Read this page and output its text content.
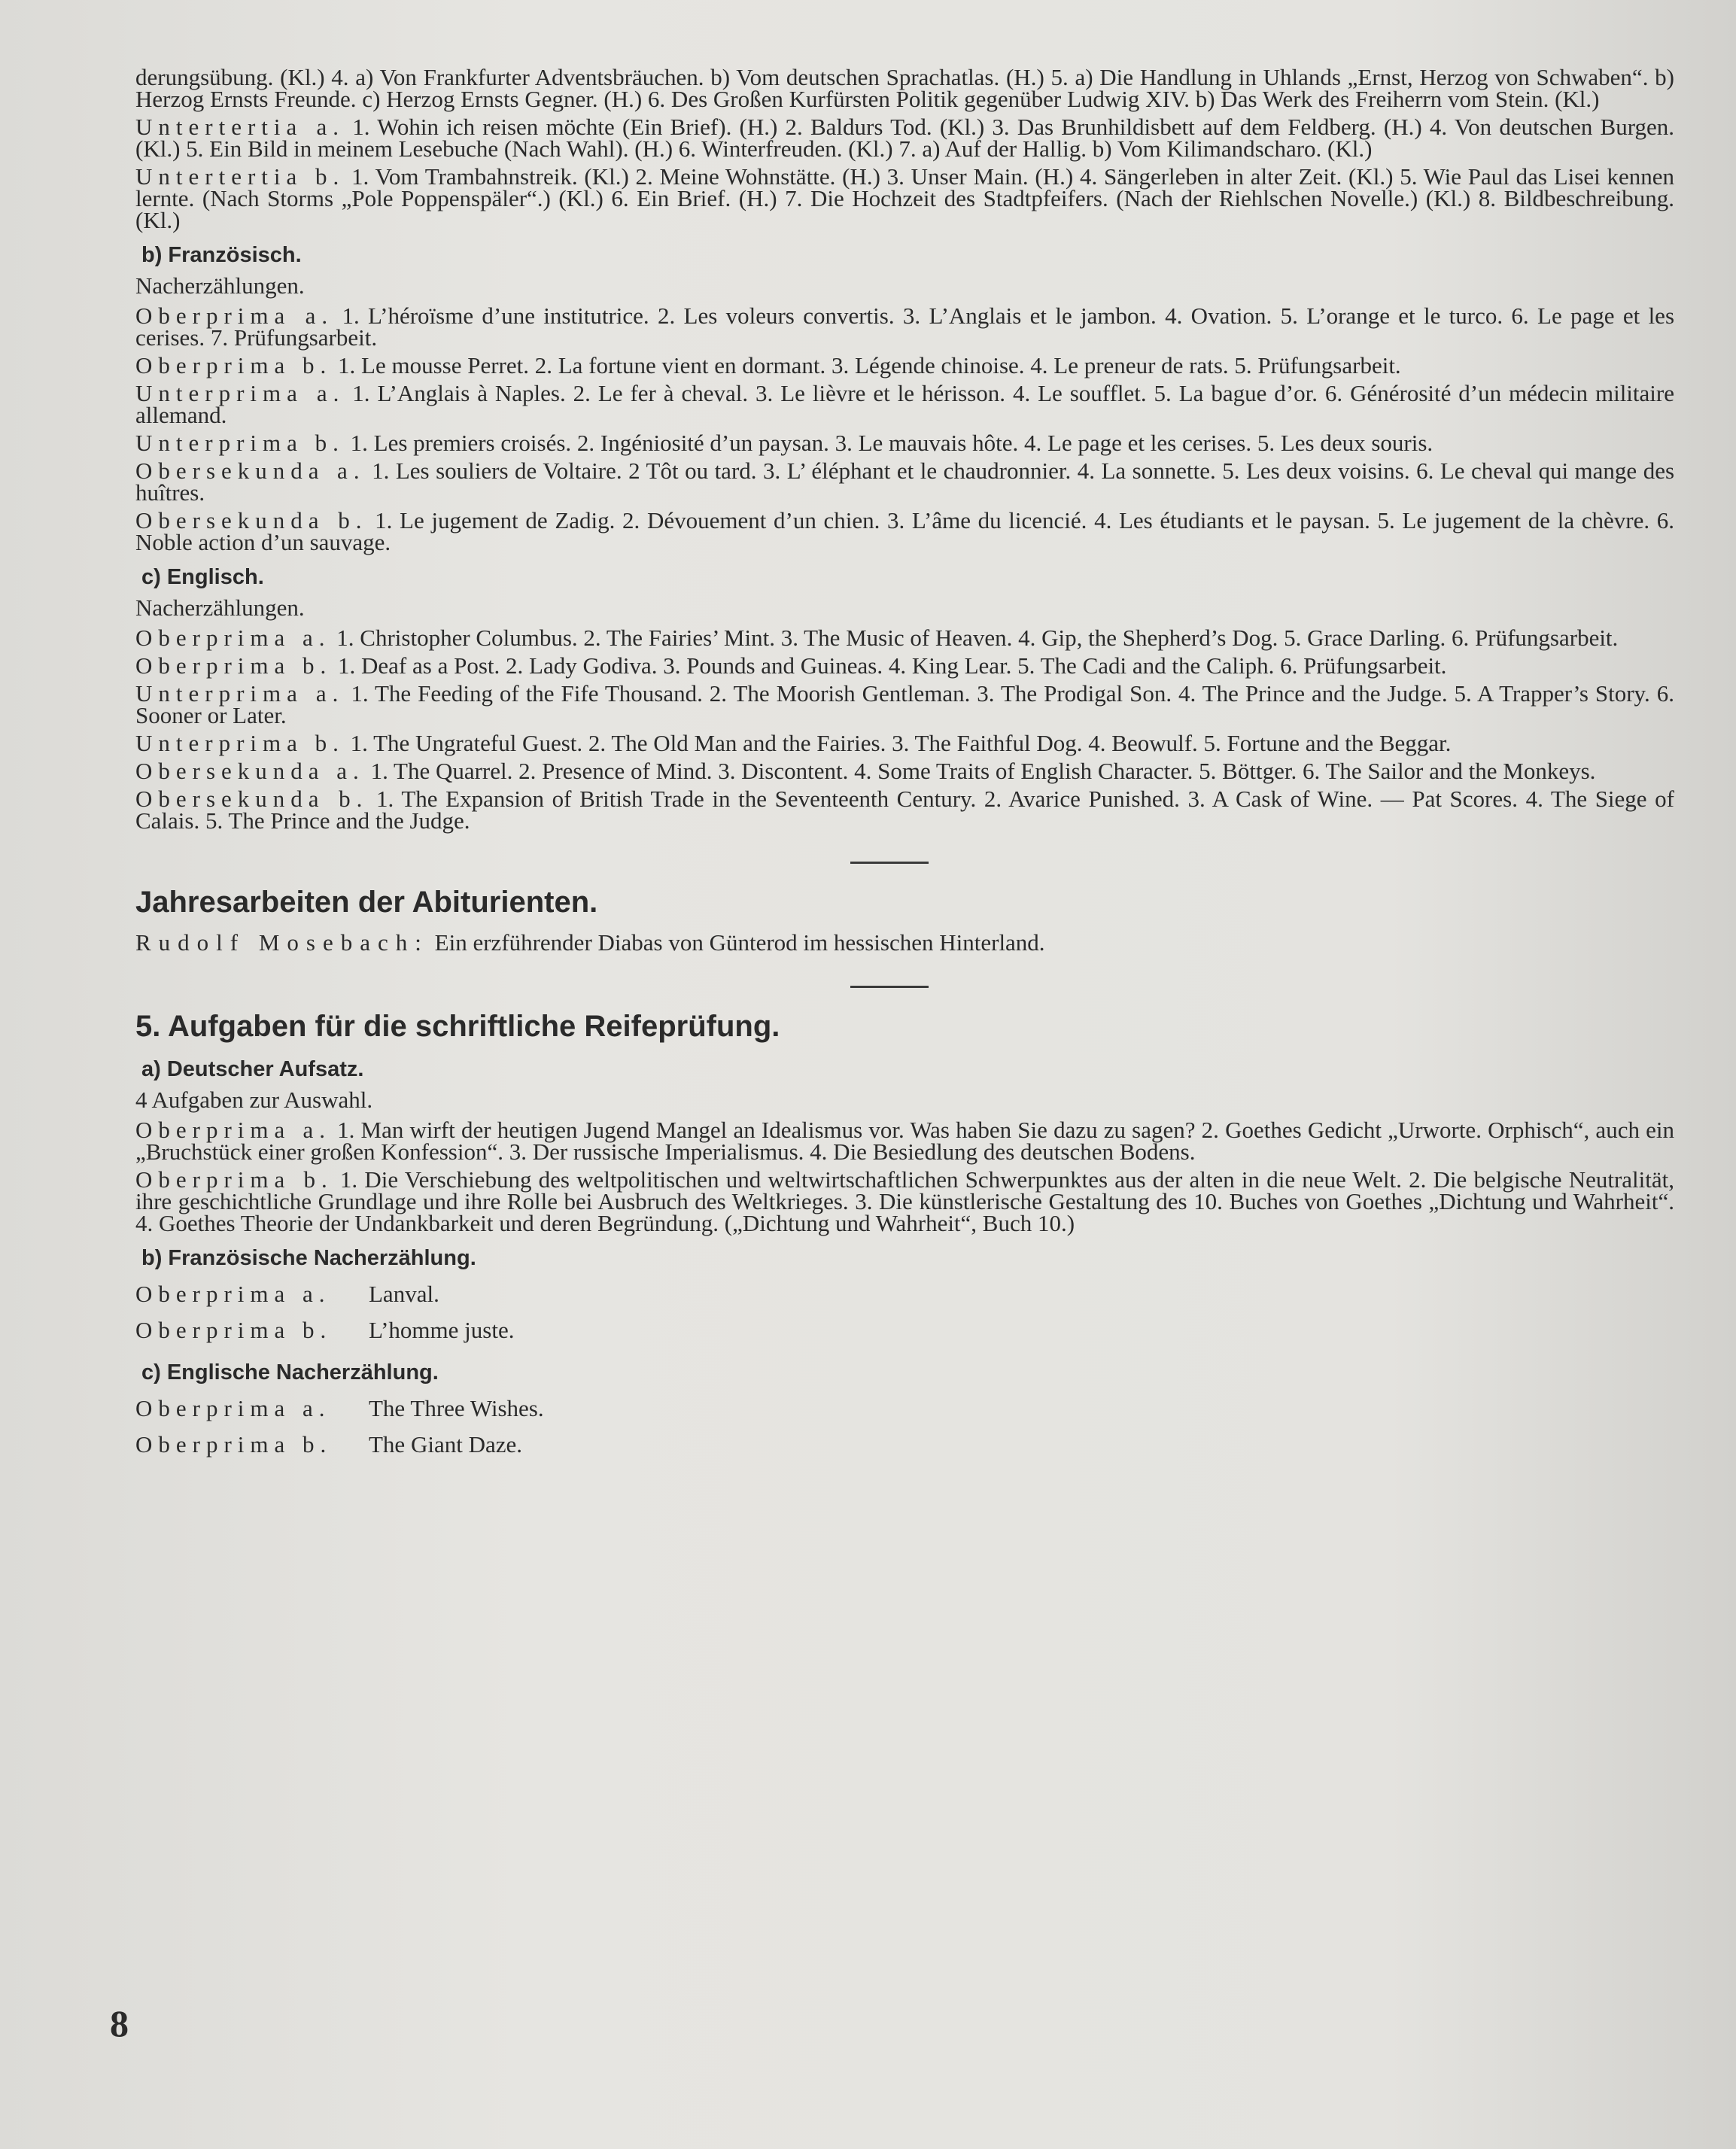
derungsübung. (Kl.) 4. a) Von Frankfurter Adventsbräuchen. b) Vom deutschen Sprachatlas. (H.) 5. a) Die Handlung in Uhlands „Ernst, Herzog von Schwaben“. b) Herzog Ernsts Freunde. c) Herzog Ernsts Gegner. (H.) 6. Des Großen Kurfürsten Politik gegenüber Ludwig XIV. b) Das Werk des Freiherrn vom Stein. (Kl.)

Untertertia a. 1. Wohin ich reisen möchte (Ein Brief). (H.) 2. Baldurs Tod. (Kl.) 3. Das Brunhildisbett auf dem Feldberg. (H.) 4. Von deutschen Burgen. (Kl.) 5. Ein Bild in meinem Lesebuche (Nach Wahl). (H.) 6. Winterfreuden. (Kl.) 7. a) Auf der Hallig. b) Vom Kilimandscharo. (Kl.)

Untertertia b. 1. Vom Trambahnstreik. (Kl.) 2. Meine Wohnstätte. (H.) 3. Unser Main. (H.) 4. Sängerleben in alter Zeit. (Kl.) 5. Wie Paul das Lisei kennen lernte. (Nach Storms „Pole Poppenspäler“.) (Kl.) 6. Ein Brief. (H.) 7. Die Hochzeit des Stadtpfeifers. (Nach der Riehlschen Novelle.) (Kl.) 8. Bildbeschreibung. (Kl.)

b) Französisch.

Nacherzählungen.

Oberprima a. 1. L’héroïsme d’une institutrice. 2. Les voleurs convertis. 3. L’Anglais et le jambon. 4. Ovation. 5. L’orange et le turco. 6. Le page et les cerises. 7. Prüfungsarbeit.

Oberprima b. 1. Le mousse Perret. 2. La fortune vient en dormant. 3. Légende chinoise. 4. Le preneur de rats. 5. Prüfungsarbeit.

Unterprima a. 1. L’Anglais à Naples. 2. Le fer à cheval. 3. Le lièvre et le hérisson. 4. Le soufflet. 5. La bague d’or. 6. Générosité d’un médecin militaire allemand.

Unterprima b. 1. Les premiers croisés. 2. Ingéniosité d’un paysan. 3. Le mauvais hôte. 4. Le page et les cerises. 5. Les deux souris.

Obersekunda a. 1. Les souliers de Voltaire. 2 Tôt ou tard. 3. L’ éléphant et le chaudronnier. 4. La sonnette. 5. Les deux voisins. 6. Le cheval qui mange des huîtres.

Obersekunda b. 1. Le jugement de Zadig. 2. Dévouement d’un chien. 3. L’âme du licencié. 4. Les étudiants et le paysan. 5. Le jugement de la chèvre. 6. Noble action d’un sauvage.

c) Englisch.

Nacherzählungen.

Oberprima a. 1. Christopher Columbus. 2. The Fairies’ Mint. 3. The Music of Heaven. 4. Gip, the Shepherd’s Dog. 5. Grace Darling. 6. Prüfungsarbeit.

Oberprima b. 1. Deaf as a Post. 2. Lady Godiva. 3. Pounds and Guineas. 4. King Lear. 5. The Cadi and the Caliph. 6. Prüfungsarbeit.

Unterprima a. 1. The Feeding of the Fife Thousand. 2. The Moorish Gentleman. 3. The Prodigal Son. 4. The Prince and the Judge. 5. A Trapper’s Story. 6. Sooner or Later.

Unterprima b. 1. The Ungrateful Guest. 2. The Old Man and the Fairies. 3. The Faithful Dog. 4. Beowulf. 5. Fortune and the Beggar.

Obersekunda a. 1. The Quarrel. 2. Presence of Mind. 3. Discontent. 4. Some Traits of English Character. 5. Böttger. 6. The Sailor and the Monkeys.

Obersekunda b. 1. The Expansion of British Trade in the Seventeenth Century. 2. Avarice Punished. 3. A Cask of Wine. — Pat Scores. 4. The Siege of Calais. 5. The Prince and the Judge.

Jahresarbeiten der Abiturienten.

Rudolf Mosebach: Ein erzführender Diabas von Günterod im hessischen Hinterland.

5. Aufgaben für die schriftliche Reifeprüfung.
a) Deutscher Aufsatz.

4 Aufgaben zur Auswahl.

Oberprima a. 1. Man wirft der heutigen Jugend Mangel an Idealismus vor. Was haben Sie dazu zu sagen? 2. Goethes Gedicht „Urworte. Orphisch“, auch ein „Bruchstück einer großen Konfession“. 3. Der russische Imperialismus. 4. Die Besiedlung des deutschen Bodens.

Oberprima b. 1. Die Verschiebung des weltpolitischen und weltwirtschaftlichen Schwerpunktes aus der alten in die neue Welt. 2. Die belgische Neutralität, ihre geschichtliche Grundlage und ihre Rolle bei Ausbruch des Weltkrieges. 3. Die künstlerische Gestaltung des 10. Buches von Goethes „Dichtung und Wahrheit“. 4. Goethes Theorie der Undankbarkeit und deren Begründung. („Dichtung und Wahrheit“, Buch 10.)

b) Französische Nacherzählung.

Oberprima a. Lanval.

Oberprima b. L’homme juste.

c) Englische Nacherzählung.

Oberprima a. The Three Wishes.

Oberprima b. The Giant Daze.

8
